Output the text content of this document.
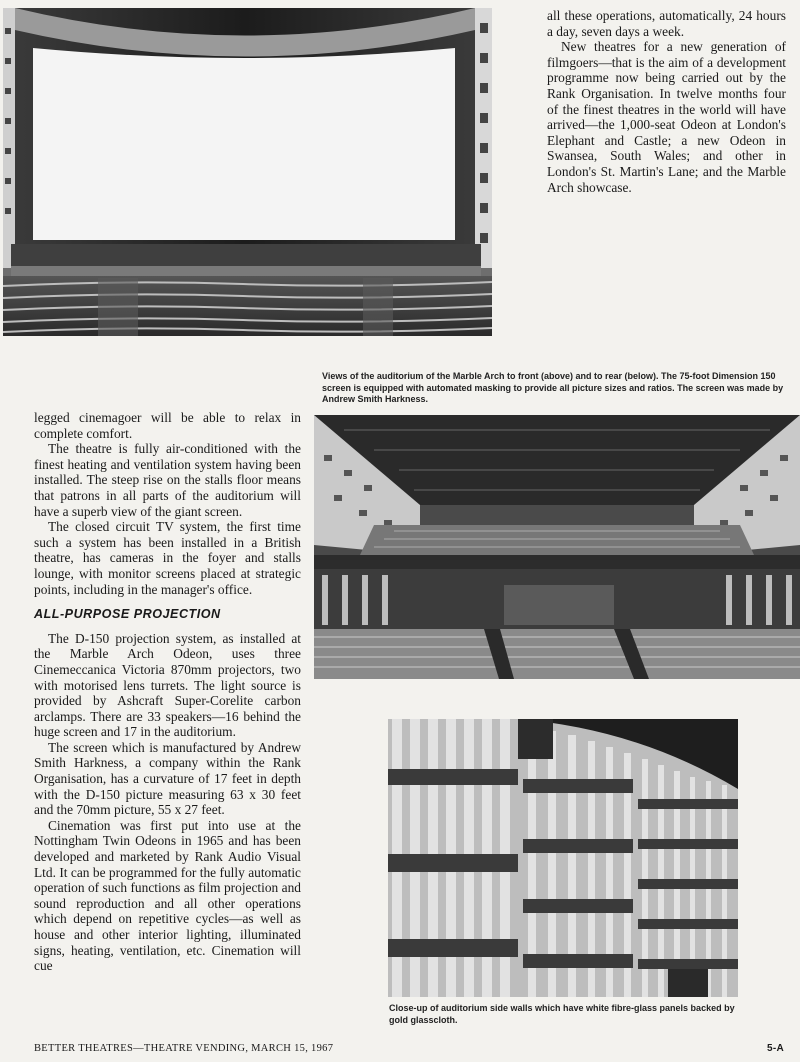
all these operations, automatically, 24 hours a day, seven days a week.

New theatres for a new generation of filmgoers—that is the aim of a development programme now being carried out by the Rank Organisation. In twelve months four of the finest theatres in the world will have arrived—the 1,000-seat Odeon at London's Elephant and Castle; a new Odeon in Swansea, South Wales; and other in London's St. Martin's Lane; and the Marble Arch showcase.

Views of the auditorium of the Marble Arch to front (above) and to rear (below). The 75-foot Dimension 150 screen is equipped with automated masking to provide all picture sizes and ratios. The screen was made by Andrew Smith Harkness.

legged cinemagoer will be able to relax in complete comfort.

The theatre is fully air-conditioned with the finest heating and ventilation system having been installed. The steep rise on the stalls floor means that patrons in all parts of the auditorium will have a superb view of the giant screen.

The closed circuit TV system, the first time such a system has been installed in a British theatre, has cameras in the foyer and stalls lounge, with monitor screens placed at strategic points, including in the manager's office.

ALL-PURPOSE PROJECTION

The D-150 projection system, as installed at the Marble Arch Odeon, uses three Cinemeccanica Victoria 870mm projectors, two with motorised lens turrets. The light source is provided by Ashcraft Super-Corelite carbon arclamps. There are 33 speakers—16 behind the huge screen and 17 in the auditorium.

The screen which is manufactured by Andrew Smith Harkness, a company within the Rank Organisation, has a curvature of 17 feet in depth with the D-150 picture measuring 63 x 30 feet and the 70mm picture, 55 x 27 feet.

Cinemation was first put into use at the Nottingham Twin Odeons in 1965 and has been developed and marketed by Rank Audio Visual Ltd. It can be programmed for the fully automatic operation of such functions as film projection and sound reproduction and all other operations which depend on repetitive cycles—as well as house and other interior lighting, illuminated signs, heating, ventilation, etc. Cinemation will cue

Close-up of auditorium side walls which have white fibre-glass panels backed by gold glasscloth.
BETTER THEATRES—THEATRE VENDING, MARCH 15, 1967	5-A
